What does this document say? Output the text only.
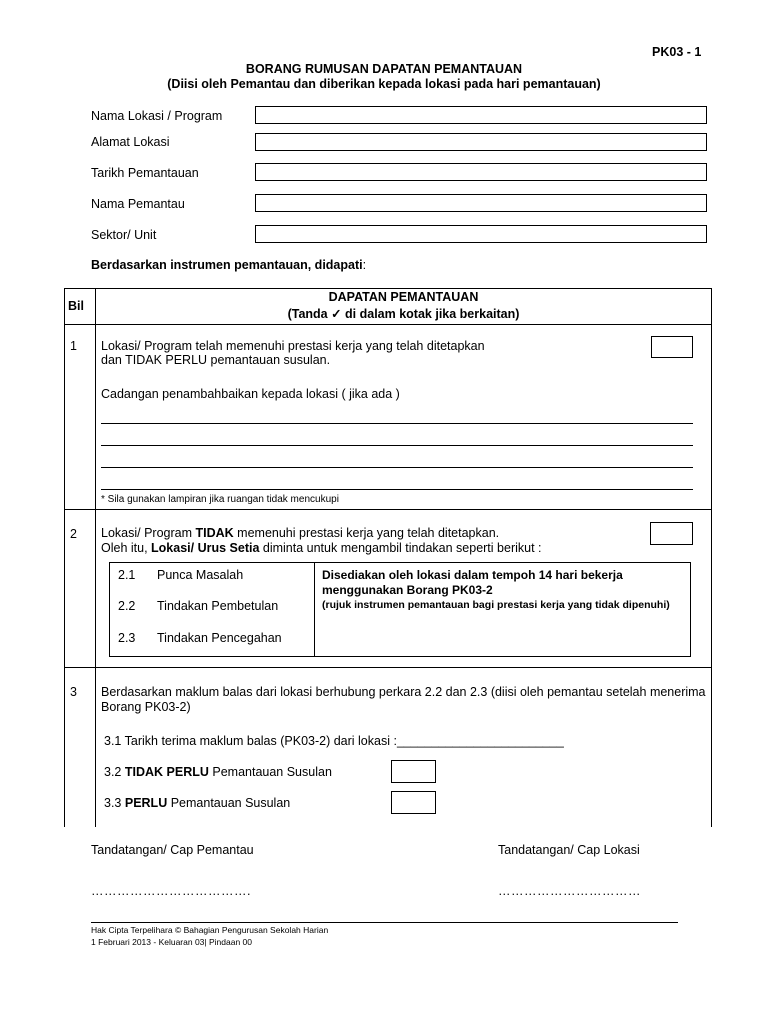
PK03 - 1
BORANG RUMUSAN DAPATAN PEMANTAUAN
(Diisi oleh Pemantau dan diberikan kepada lokasi pada hari pemantauan)
Nama Lokasi / Program
Alamat Lokasi
Tarikh Pemantauan
Nama Pemantau
Sektor/ Unit
Berdasarkan instrumen pemantauan, didapati:
Bil
DAPATAN PEMANTAUAN
(Tanda ✓ di dalam kotak jika berkaitan)
1 Lokasi/ Program telah memenuhi prestasi kerja yang telah ditetapkan
dan TIDAK PERLU pemantauan susulan.
Cadangan penambahbaikan kepada lokasi ( jika ada )
* Sila gunakan lampiran jika ruangan tidak mencukupi
2 Lokasi/ Program TIDAK memenuhi prestasi kerja yang telah ditetapkan.
Oleh itu, Lokasi/ Urus Setia diminta untuk mengambil tindakan seperti berikut :
2.1 Punca Masalah
2.2 Tindakan Pembetulan
2.3 Tindakan Pencegahan
Disediakan oleh lokasi dalam tempoh 14 hari bekerja menggunakan Borang PK03-2
(rujuk instrumen pemantauan bagi prestasi kerja yang tidak dipenuhi)
3 Berdasarkan maklum balas dari lokasi berhubung perkara 2.2 dan 2.3 (diisi oleh pemantau setelah menerima Borang PK03-2)
3.1 Tarikh terima maklum balas (PK03-2) dari lokasi :________________________
3.2 TIDAK PERLU Pemantauan Susulan
3.3 PERLU Pemantauan Susulan
Tandatangan/ Cap Pemantau	Tandatangan/ Cap Lokasi
……………………………….	……………………………
Hak Cipta Terpelihara © Bahagian Pengurusan Sekolah Harian
1 Februari 2013 - Keluaran 03| Pindaan 00
